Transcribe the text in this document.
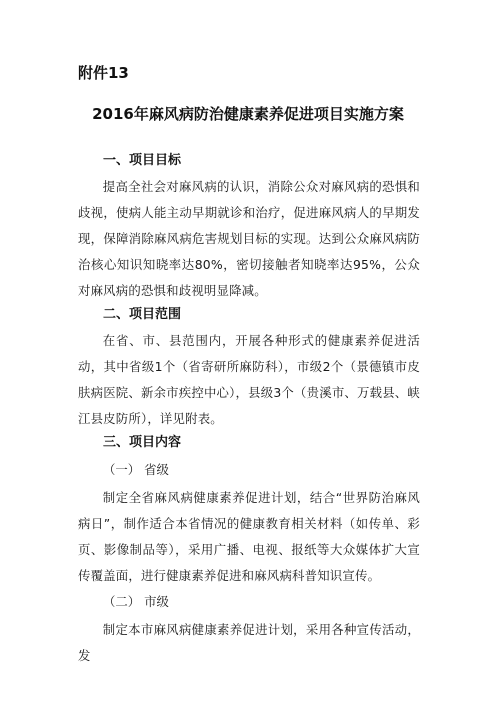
附件13
2016年麻风病防治健康素养促进项目实施方案
一、项目目标
提高全社会对麻风病的认识，消除公众对麻风病的恐惧和歧视，使病人能主动早期就诊和治疗，促进麻风病人的早期发现，保障消除麻风病危害规划目标的实现。达到公众麻风病防治核心知识知晓率达80%，密切接触者知晓率达95%，公众对麻风病的恐惧和歧视明显降减。
二、项目范围
在省、市、县范围内，开展各种形式的健康素养促进活动，其中省级1个（省寄研所麻防科），市级2个（景德镇市皮肤病医院、新余市疾控中心），县级3个（贵溪市、万载县、峡江县皮防所），详见附表。
三、项目内容
（一） 省级
制定全省麻风病健康素养促进计划，结合“世界防治麻风病日”，制作适合本省情况的健康教育相关材料（如传单、彩页、影像制品等），采用广播、电视、报纸等大众媒体扩大宣传覆盖面，进行健康素养促进和麻风病科普知识宣传。
（二） 市级
制定本市麻风病健康素养促进计划，采用各种宣传活动，发
